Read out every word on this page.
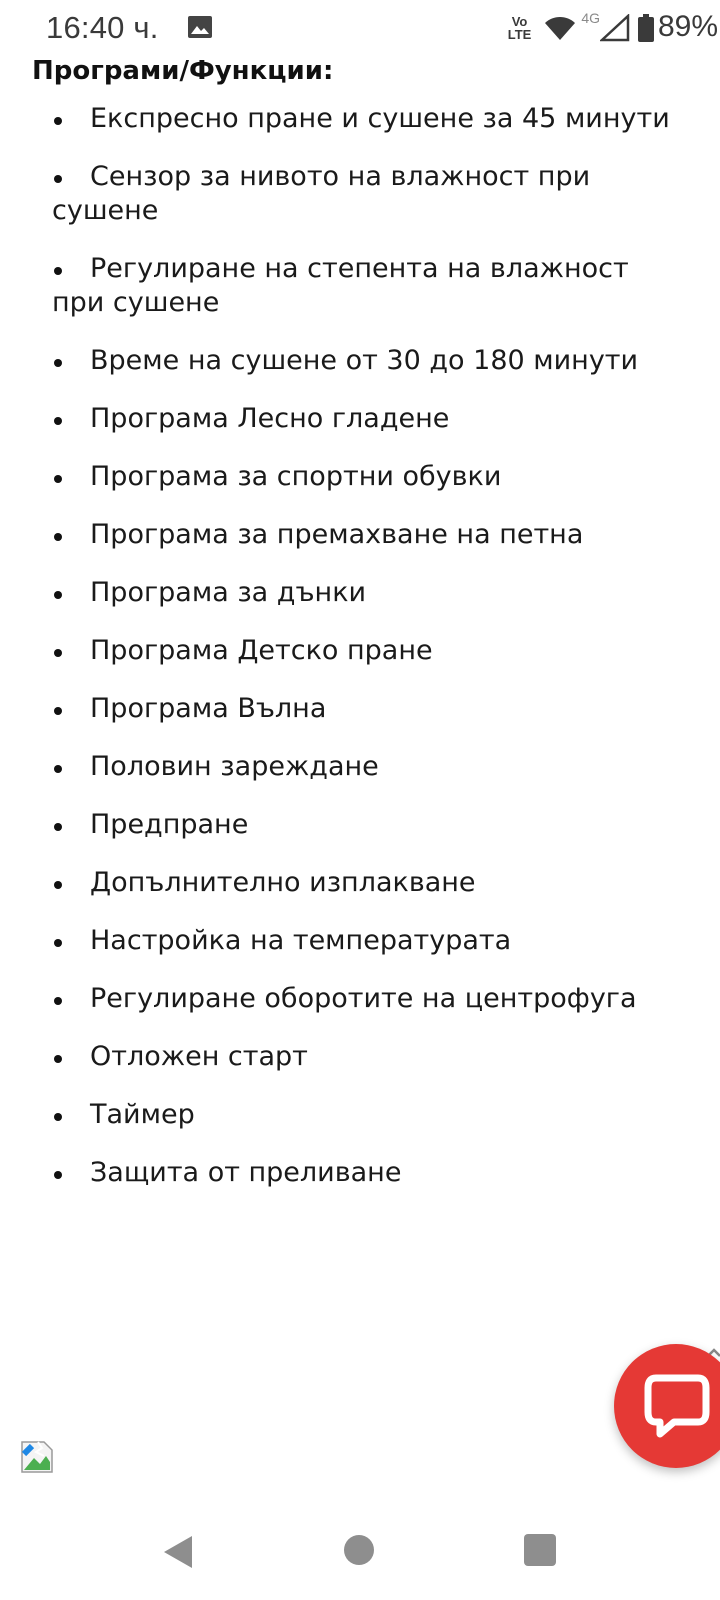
16:40 ч.	Vo
LTE
4G 89%
Програми/Функции:
Експресно пране и сушене за 45 минути
Сензор за нивото на влажност при сушене
Регулиране на степента на влажност при сушене
Време на сушене от 30 до 180 минути
Програма Лесно гладене
Програма за спортни обувки
Програма за премахване на петна
Програма за дънки
Програма Детско пране
Програма Вълна
Половин зареждане
Предпране
Допълнително изплакване
Настройка на температурата
Регулиране оборотите на центрофуга
Отложен старт
Таймер
Защита от преливане
